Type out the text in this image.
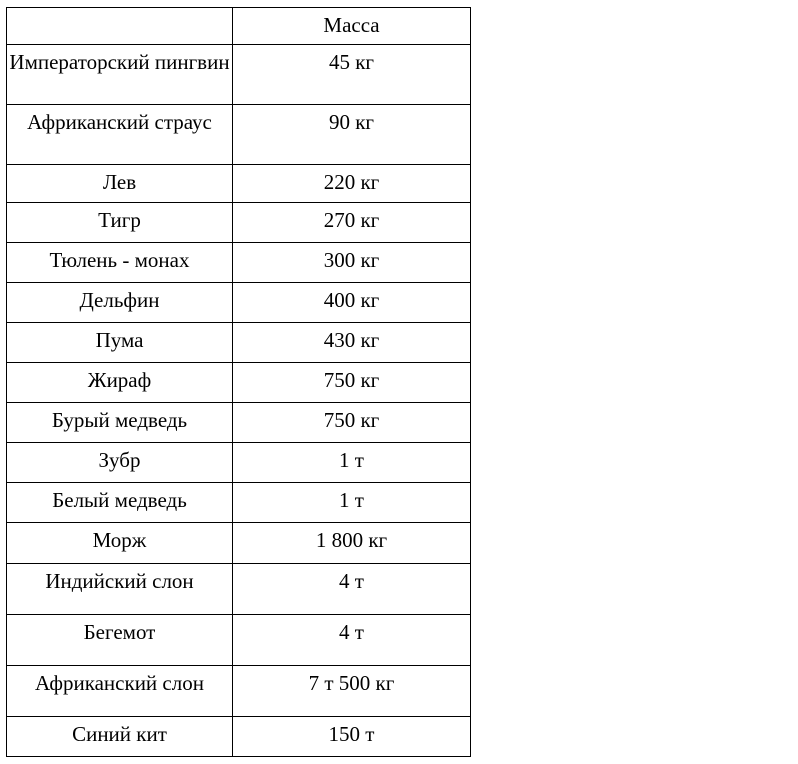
	Масса

Императорский пингвин	45 кг

Африканский страус	90 кг

Лев	220 кг

Тигр	270 кг

Тюлень - монах	300 кг

Дельфин	400 кг

Пума	430 кг

Жираф	750 кг

Бурый медведь	750 кг

Зубр	1 т

Белый медведь	1 т

Морж	1 800 кг

Индийский слон	4 т

Бегемот	4 т

Африканский слон	7 т 500 кг

Синий кит	150 т
